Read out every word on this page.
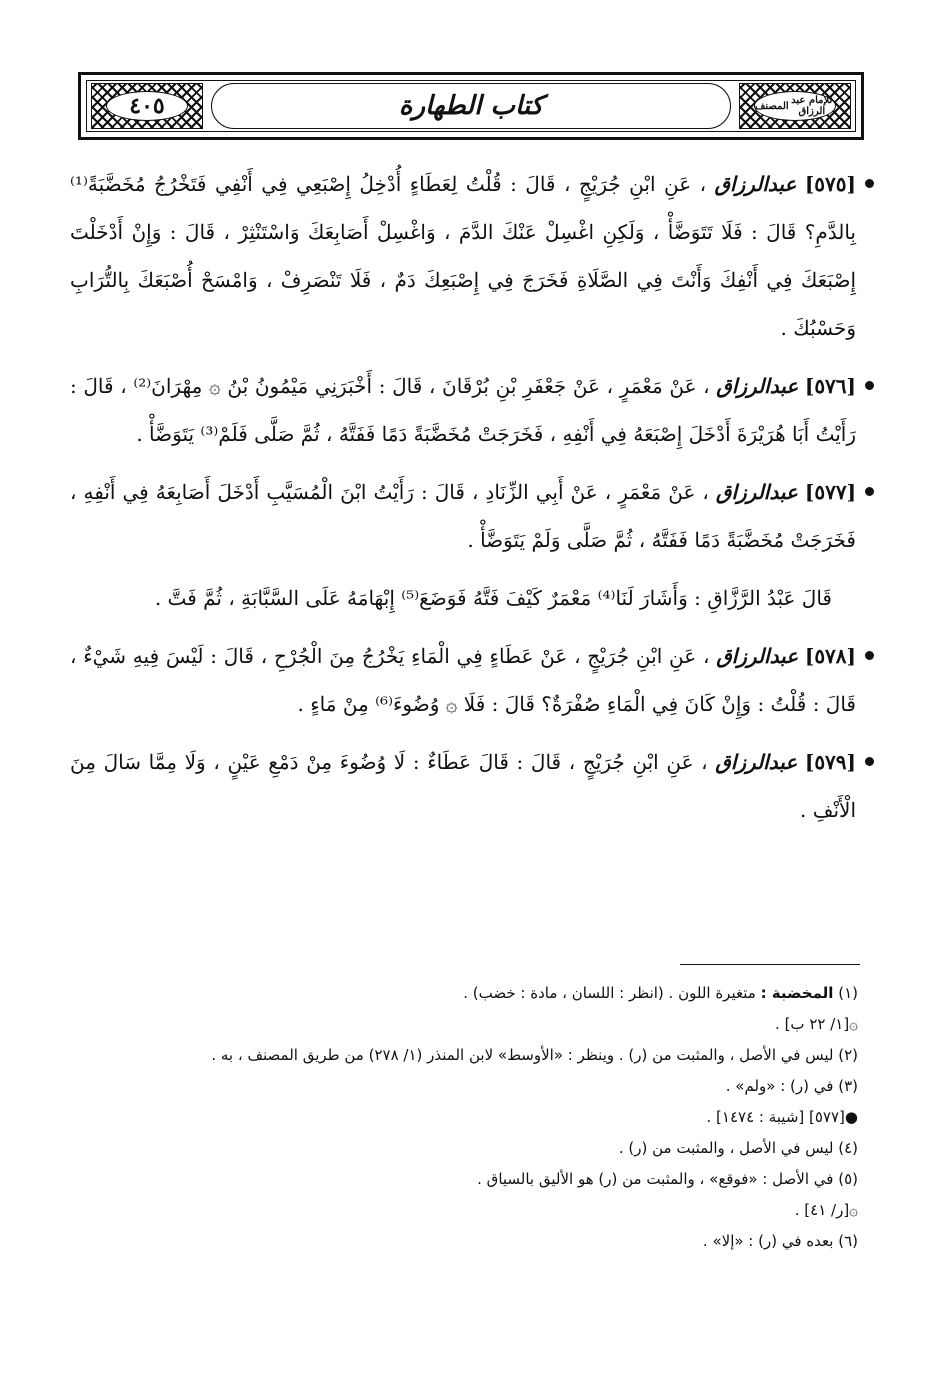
٤٠٥	كتاب الطهارة	المصنف للإمام عبد الرزاق

[٥٧٥] عبدالرزاق ، عَنِ ابْنِ جُرَيْجٍ ، قَالَ : قُلْتُ لِعَطَاءٍ أُدْخِلُ إِصْبَعِي فِي أَنْفِي فَتَخْرُجُ مُخَضَّبَةً⁽¹⁾ بِالدَّمِ؟ قَالَ : فَلَا تَتَوَضَّأْ ، وَلَكِنِ اغْسِلْ عَنْكَ الدَّمَ ، وَاغْسِلْ أَصَابِعَكَ وَاسْتَنْثِرْ ، قَالَ : وَإِنْ أَدْخَلْتَ إِصْبَعَكَ فِي أَنْفِكَ وَأَنْتَ فِي الصَّلَاةِ فَخَرَجَ فِي إِصْبَعِكَ دَمٌ ، فَلَا تَنْصَرِفْ ، وَامْسَحْ أُصْبَعَكَ بِالتُّرَابِ وَحَسْبُكَ .

[٥٧٦] عبدالرزاق ، عَنْ مَعْمَرٍ ، عَنْ جَعْفَرِ بْنِ بُرْقَانَ ، قَالَ : أَخْبَرَنِي مَيْمُونُ بْنُ ۞ مِهْرَانَ⁽²⁾ ، قَالَ : رَأَيْتُ أَبَا هُرَيْرَةَ أَدْخَلَ إِصْبَعَهُ فِي أَنْفِهِ ، فَخَرَجَتْ مُخَضَّبَةً دَمًا فَفَتَّهُ ، ثُمَّ صَلَّى فَلَمْ⁽³⁾ يَتَوَضَّأْ .

[٥٧٧] عبدالرزاق ، عَنْ مَعْمَرٍ ، عَنْ أَبِي الزِّنَادِ ، قَالَ : رَأَيْتُ ابْنَ الْمُسَيَّبِ أَدْخَلَ أَصَابِعَهُ فِي أَنْفِهِ ، فَخَرَجَتْ مُخَضَّبَةً دَمًا فَفَتَّهُ ، ثُمَّ صَلَّى وَلَمْ يَتَوَضَّأْ .

قَالَ عَبْدُ الرَّزَّاقِ : وَأَشَارَ لَنَا⁽⁴⁾ مَعْمَرٌ كَيْفَ فَتَّهُ فَوَضَعَ⁽⁵⁾ إِبْهَامَهُ عَلَى السَّبَّابَةِ ، ثُمَّ فَتَّ .

[٥٧٨] عبدالرزاق ، عَنِ ابْنِ جُرَيْجٍ ، عَنْ عَطَاءٍ فِي الْمَاءِ يَخْرُجُ مِنَ الْجُرْحِ ، قَالَ : لَيْسَ فِيهِ شَيْءٌ ، قَالَ : قُلْتُ : وَإِنْ كَانَ فِي الْمَاءِ صُفْرَةٌ؟ قَالَ : فَلَا ۞ وُضُوءَ⁽⁶⁾ مِنْ مَاءٍ .

[٥٧٩] عبدالرزاق ، عَنِ ابْنِ جُرَيْجٍ ، قَالَ : قَالَ عَطَاءٌ : لَا وُضُوءَ مِنْ دَمْعِ عَيْنٍ ، وَلَا مِمَّا سَالَ مِنَ الْأَنْفِ .

(١) المخضبة : متغيرة اللون . (انظر : اللسان ، مادة : خضب) .

۞[١/ ٢٢ ب] .

(٢) ليس في الأصل ، والمثبت من (ر) . وينظر : «الأوسط» لابن المنذر (١/ ٢٧٨) من طريق المصنف ، به .

(٣) في (ر) : «ولم» .

●[٥٧٧] [شيبة : ١٤٧٤] .

(٤) ليس في الأصل ، والمثبت من (ر) .

(٥) في الأصل : «فوقع» ، والمثبت من (ر) هو الأليق بالسياق .

۞[ر/ ٤١] .

(٦) بعده في (ر) : «إلا» .
